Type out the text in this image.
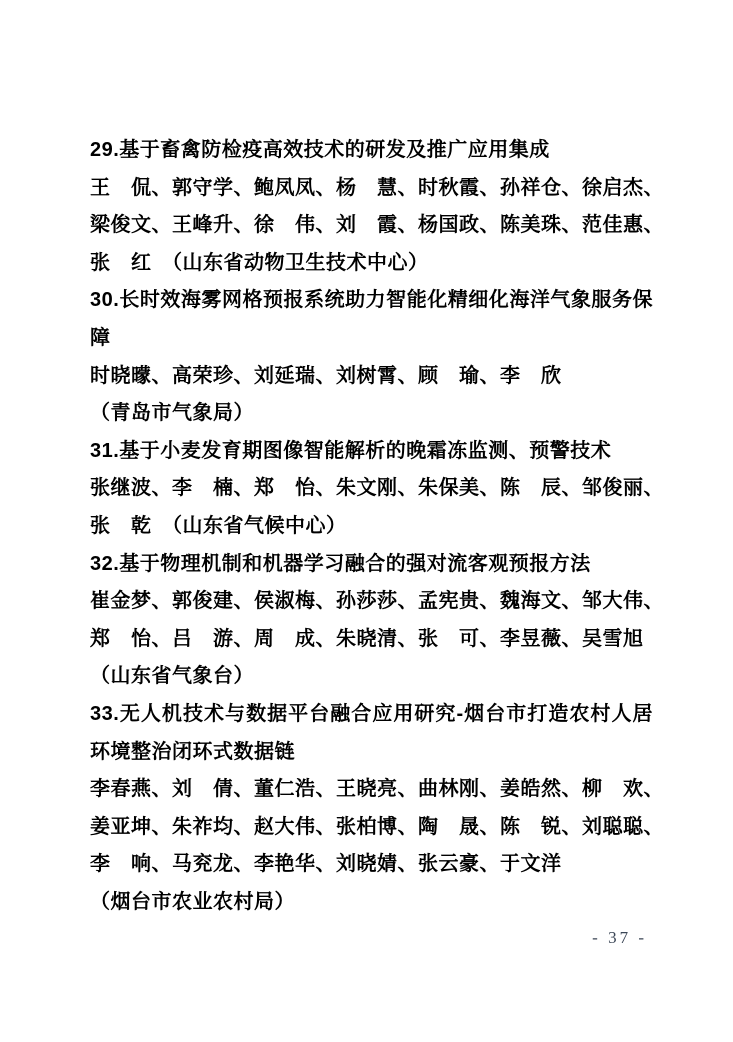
29.基于畜禽防检疫高效技术的研发及推广应用集成
王　侃、郭守学、鲍凤凤、杨　慧、时秋霞、孙祥仓、徐启杰、
梁俊文、王峰升、徐　伟、刘　霞、杨国政、陈美珠、范佳惠、
张　红　（山东省动物卫生技术中心）
30.长时效海雾网格预报系统助力智能化精细化海洋气象服务保
障
时晓曚、高荣珍、刘延瑞、刘树霄、顾　瑜、李　欣
（青岛市气象局）
31.基于小麦发育期图像智能解析的晚霜冻监测、预警技术
张继波、李　楠、郑　怡、朱文刚、朱保美、陈　辰、邹俊丽、
张　乾　（山东省气候中心）
32.基于物理机制和机器学习融合的强对流客观预报方法
崔金梦、郭俊建、侯淑梅、孙莎莎、孟宪贵、魏海文、邹大伟、
郑　怡、吕　游、周　成、朱晓清、张　可、李昱薇、吴雪旭
（山东省气象台）
33.无人机技术与数据平台融合应用研究-烟台市打造农村人居
环境整治闭环式数据链
李春燕、刘　倩、董仁浩、王晓亮、曲林刚、姜皓然、柳　欢、
姜亚坤、朱祚均、赵大伟、张柏博、陶　晟、陈　锐、刘聪聪、
李　响、马兖龙、李艳华、刘晓婧、张云豪、于文洋
（烟台市农业农村局）
- 37 -
